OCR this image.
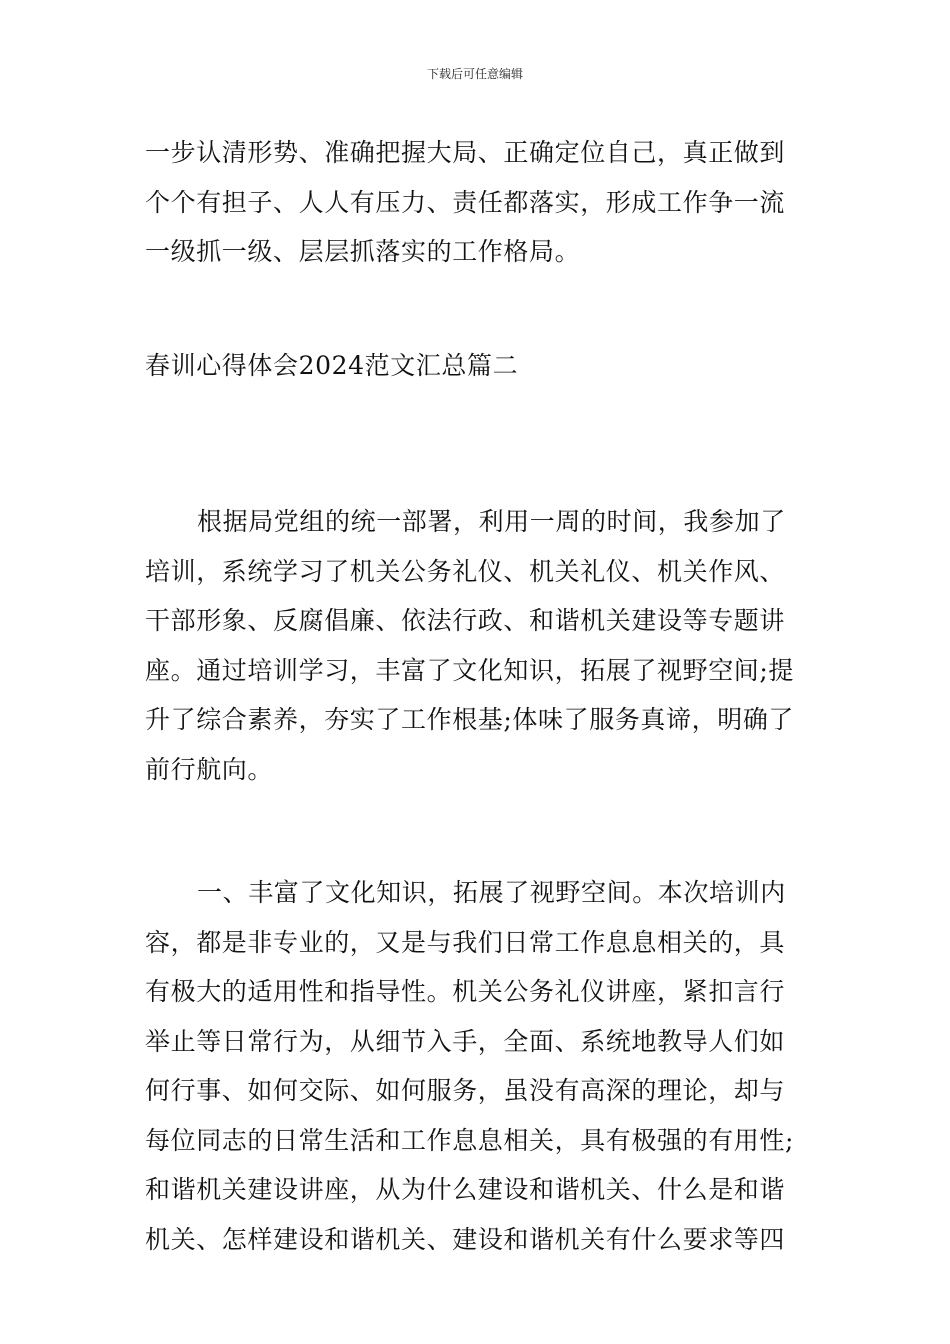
下载后可任意编辑
一步认清形势、准确把握大局、正确定位自己，真正做到
个个有担子、人人有压力、责任都落实，形成工作争一流
一级抓一级、层层抓落实的工作格局。
春训心得体会2024范文汇总篇二
根据局党组的统一部署，利用一周的时间，我参加了
培训，系统学习了机关公务礼仪、机关礼仪、机关作风、
干部形象、反腐倡廉、依法行政、和谐机关建设等专题讲
座。通过培训学习，丰富了文化知识，拓展了视野空间;提
升了综合素养，夯实了工作根基;体味了服务真谛，明确了
前行航向。
一、丰富了文化知识，拓展了视野空间。本次培训内
容，都是非专业的，又是与我们日常工作息息相关的，具
有极大的适用性和指导性。机关公务礼仪讲座，紧扣言行
举止等日常行为，从细节入手，全面、系统地教导人们如
何行事、如何交际、如何服务，虽没有高深的理论，却与
每位同志的日常生活和工作息息相关，具有极强的有用性;
和谐机关建设讲座，从为什么建设和谐机关、什么是和谐
机关、怎样建设和谐机关、建设和谐机关有什么要求等四
